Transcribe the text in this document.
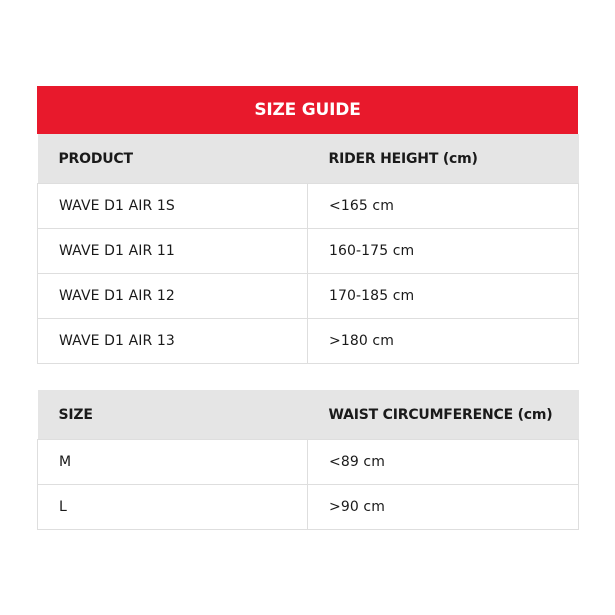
SIZE GUIDE
PRODUCT	RIDER HEIGHT (cm)
WAVE D1 AIR 1S	<165 cm
WAVE D1 AIR 11	160-175 cm
WAVE D1 AIR 12	170-185 cm
WAVE D1 AIR 13	>180 cm
SIZE	WAIST CIRCUMFERENCE (cm)
M	<89 cm
L	>90 cm
